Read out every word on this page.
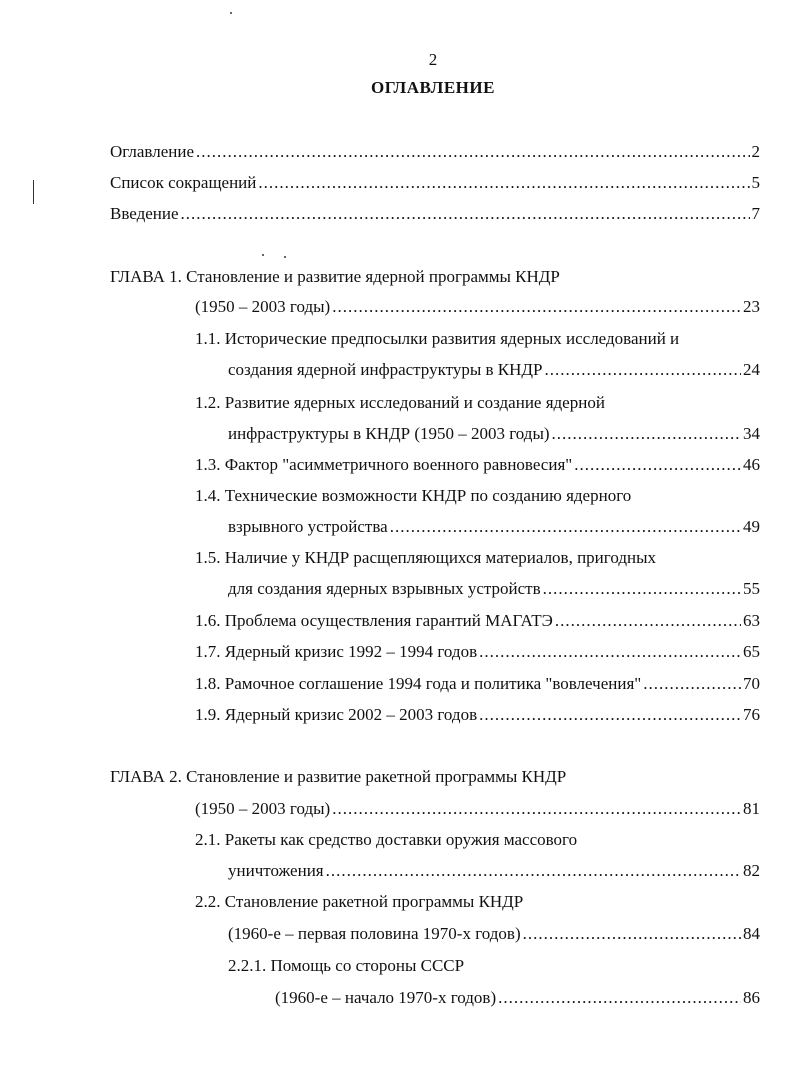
2
ОГЛАВЛЕНИЕ
Оглавление .....	2
Список сокращений .....	5
Введение .....	7
ГЛАВА 1. Становление и развитие ядерной программы КНДР
(1950 – 2003 годы) .....	23
1.1. Исторические предпосылки развития ядерных исследований и
создания ядерной инфраструктуры в КНДР .....	24
1.2. Развитие ядерных исследований и создание ядерной
инфраструктуры в КНДР (1950 – 2003 годы) .....	34
1.3. Фактор "асимметричного военного равновесия" .....	46
1.4. Технические возможности КНДР по созданию ядерного
взрывного устройства .....	49
1.5. Наличие у КНДР расщепляющихся материалов, пригодных
для создания ядерных взрывных устройств .....	55
1.6. Проблема осуществления гарантий МАГАТЭ .....	63
1.7. Ядерный кризис 1992 – 1994 годов .....	65
1.8. Рамочное соглашение 1994 года и политика "вовлечения" .....	70
1.9. Ядерный кризис 2002 – 2003 годов .....	76
ГЛАВА 2. Становление и развитие ракетной программы КНДР
(1950 – 2003 годы) .....	81
2.1. Ракеты как средство доставки оружия массового
уничтожения .....	82
2.2. Становление ракетной программы КНДР
(1960-е – первая половина 1970-х годов) .....	84
2.2.1. Помощь со стороны СССР
(1960-е – начало 1970-х годов) .....	86
